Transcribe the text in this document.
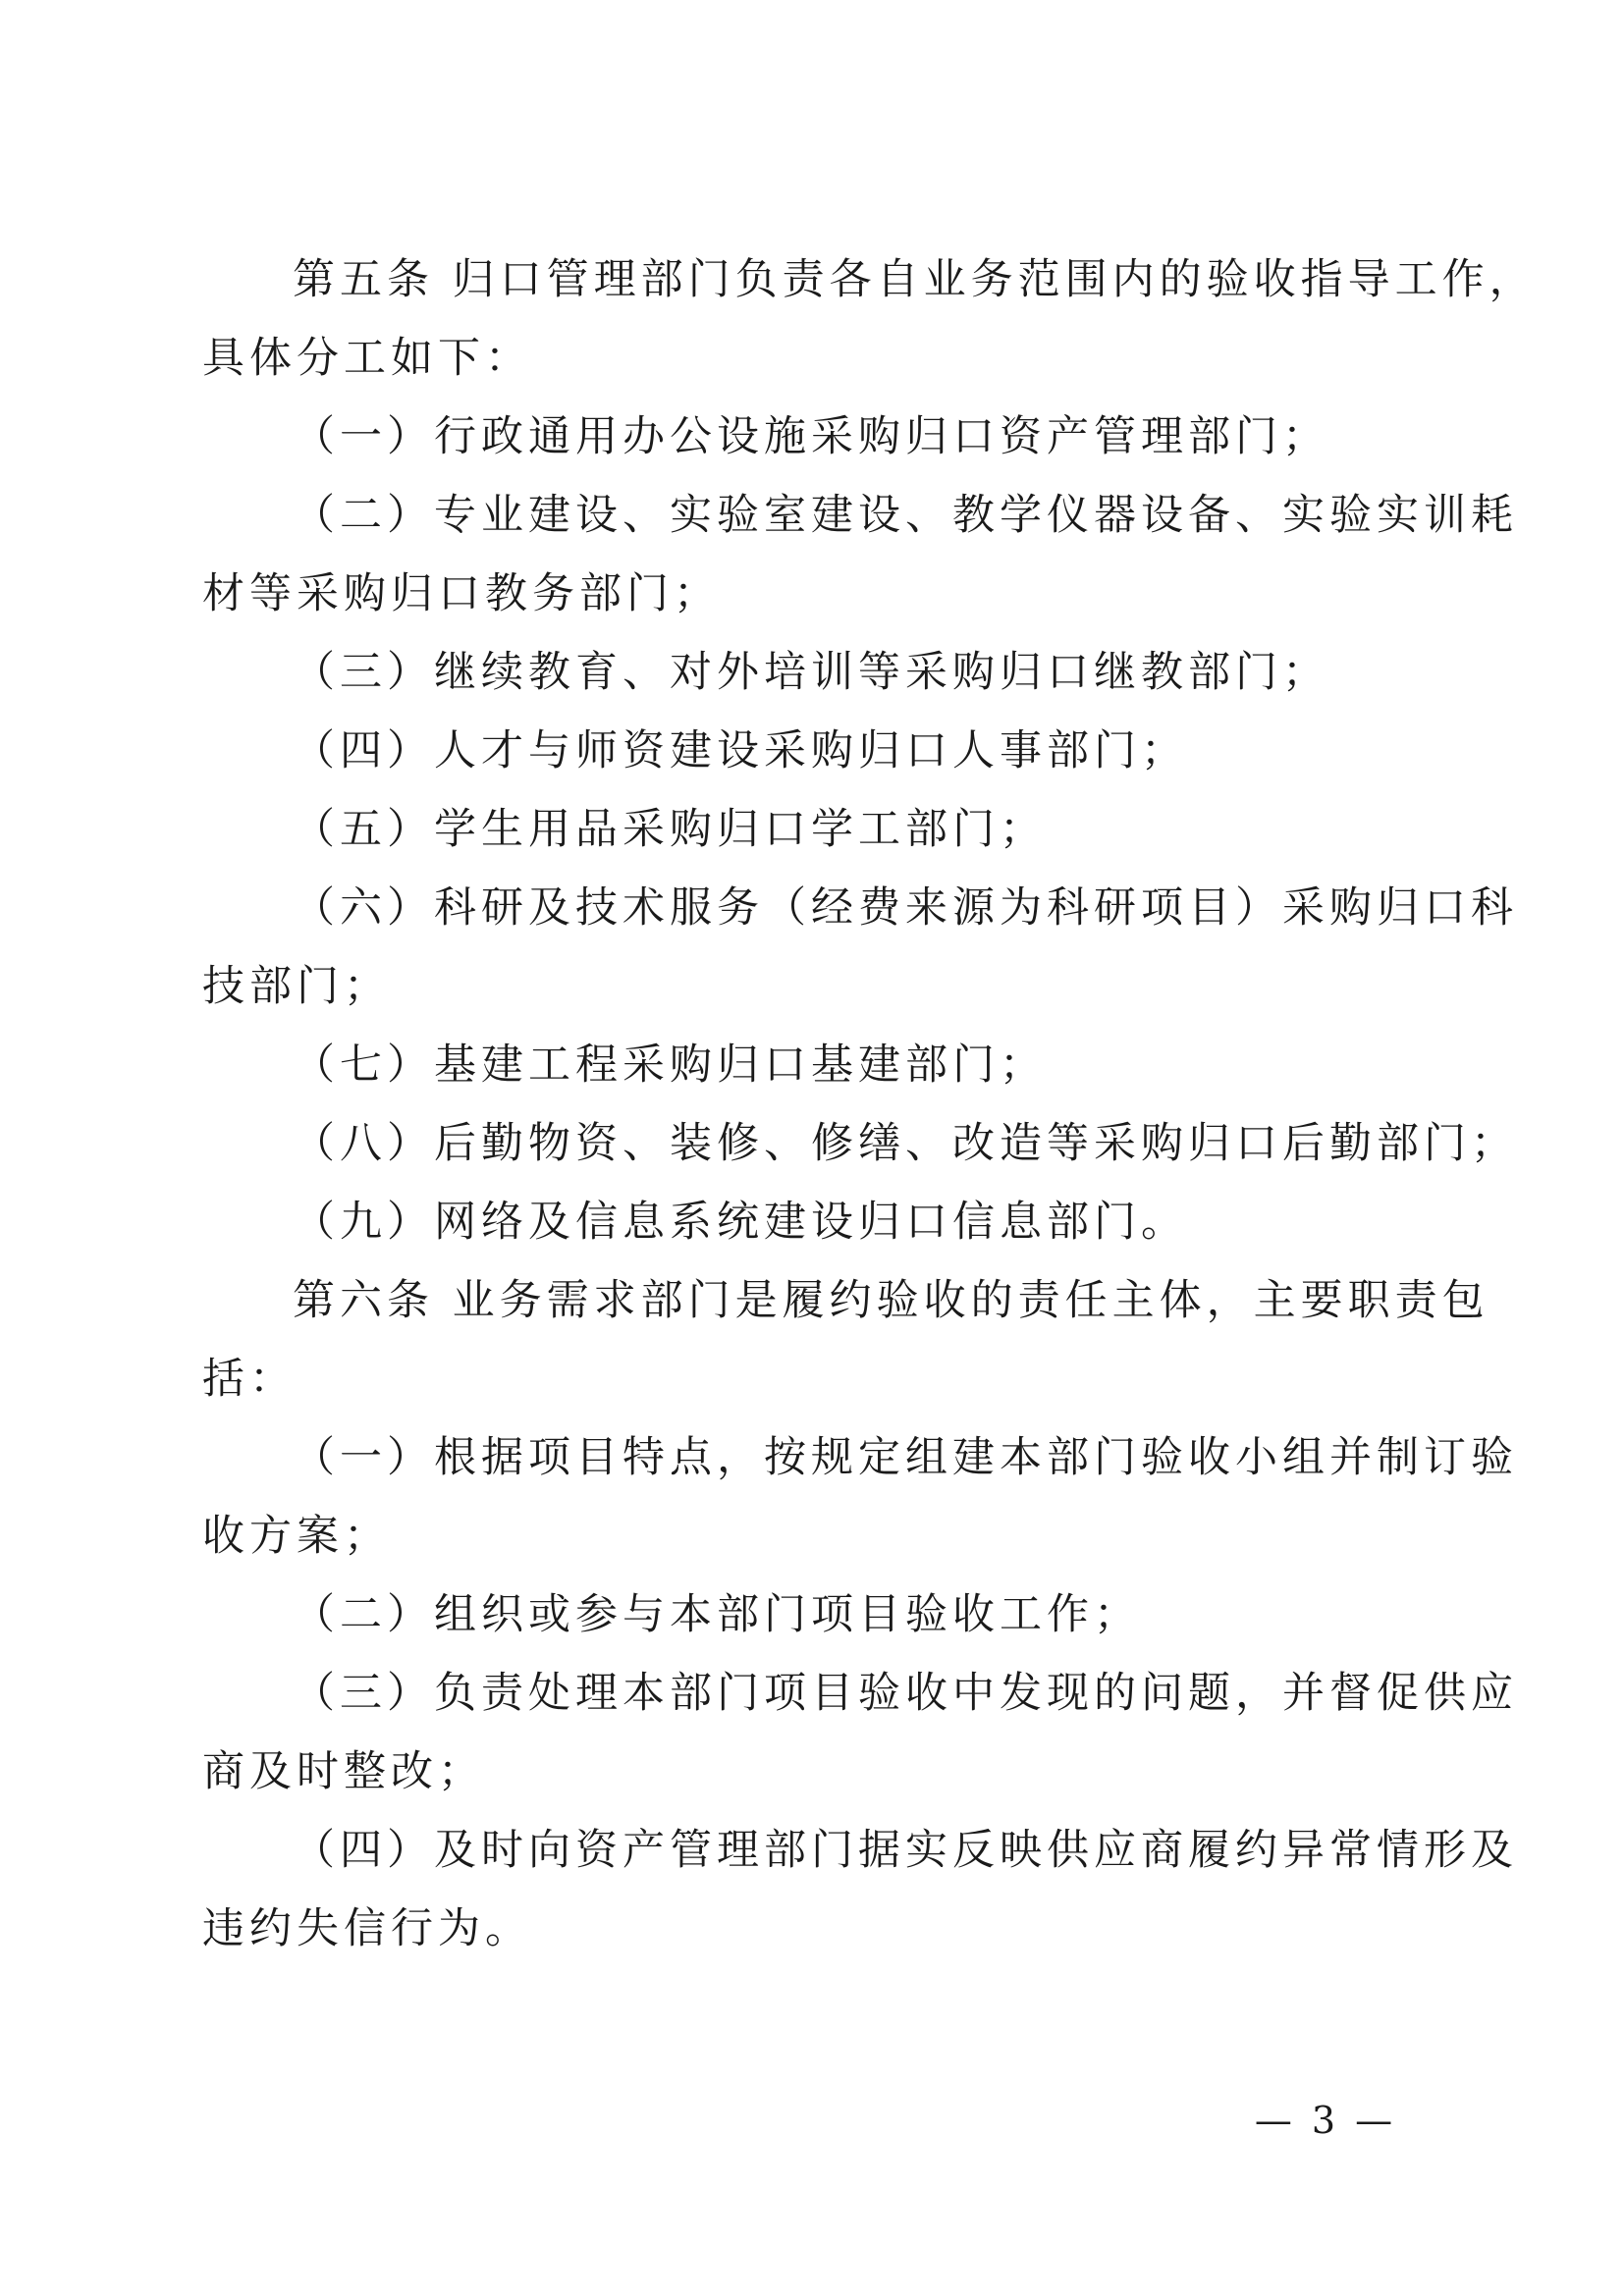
第五条 归口管理部门负责各自业务范围内的验收指导工作，
具体分工如下：
（一）行政通用办公设施采购归口资产管理部门；
（二）专业建设、实验室建设、教学仪器设备、实验实训耗
材等采购归口教务部门；
（三）继续教育、对外培训等采购归口继教部门；
（四）人才与师资建设采购归口人事部门；
（五）学生用品采购归口学工部门；
（六）科研及技术服务（经费来源为科研项目）采购归口科
技部门；
（七）基建工程采购归口基建部门；
（八）后勤物资、装修、修缮、改造等采购归口后勤部门；
（九）网络及信息系统建设归口信息部门。
第六条 业务需求部门是履约验收的责任主体，主要职责包
括：
（一）根据项目特点，按规定组建本部门验收小组并制订验
收方案；
（二）组织或参与本部门项目验收工作；
（三）负责处理本部门项目验收中发现的问题，并督促供应
商及时整改；
（四）及时向资产管理部门据实反映供应商履约异常情形及
违约失信行为。
— 3 —
